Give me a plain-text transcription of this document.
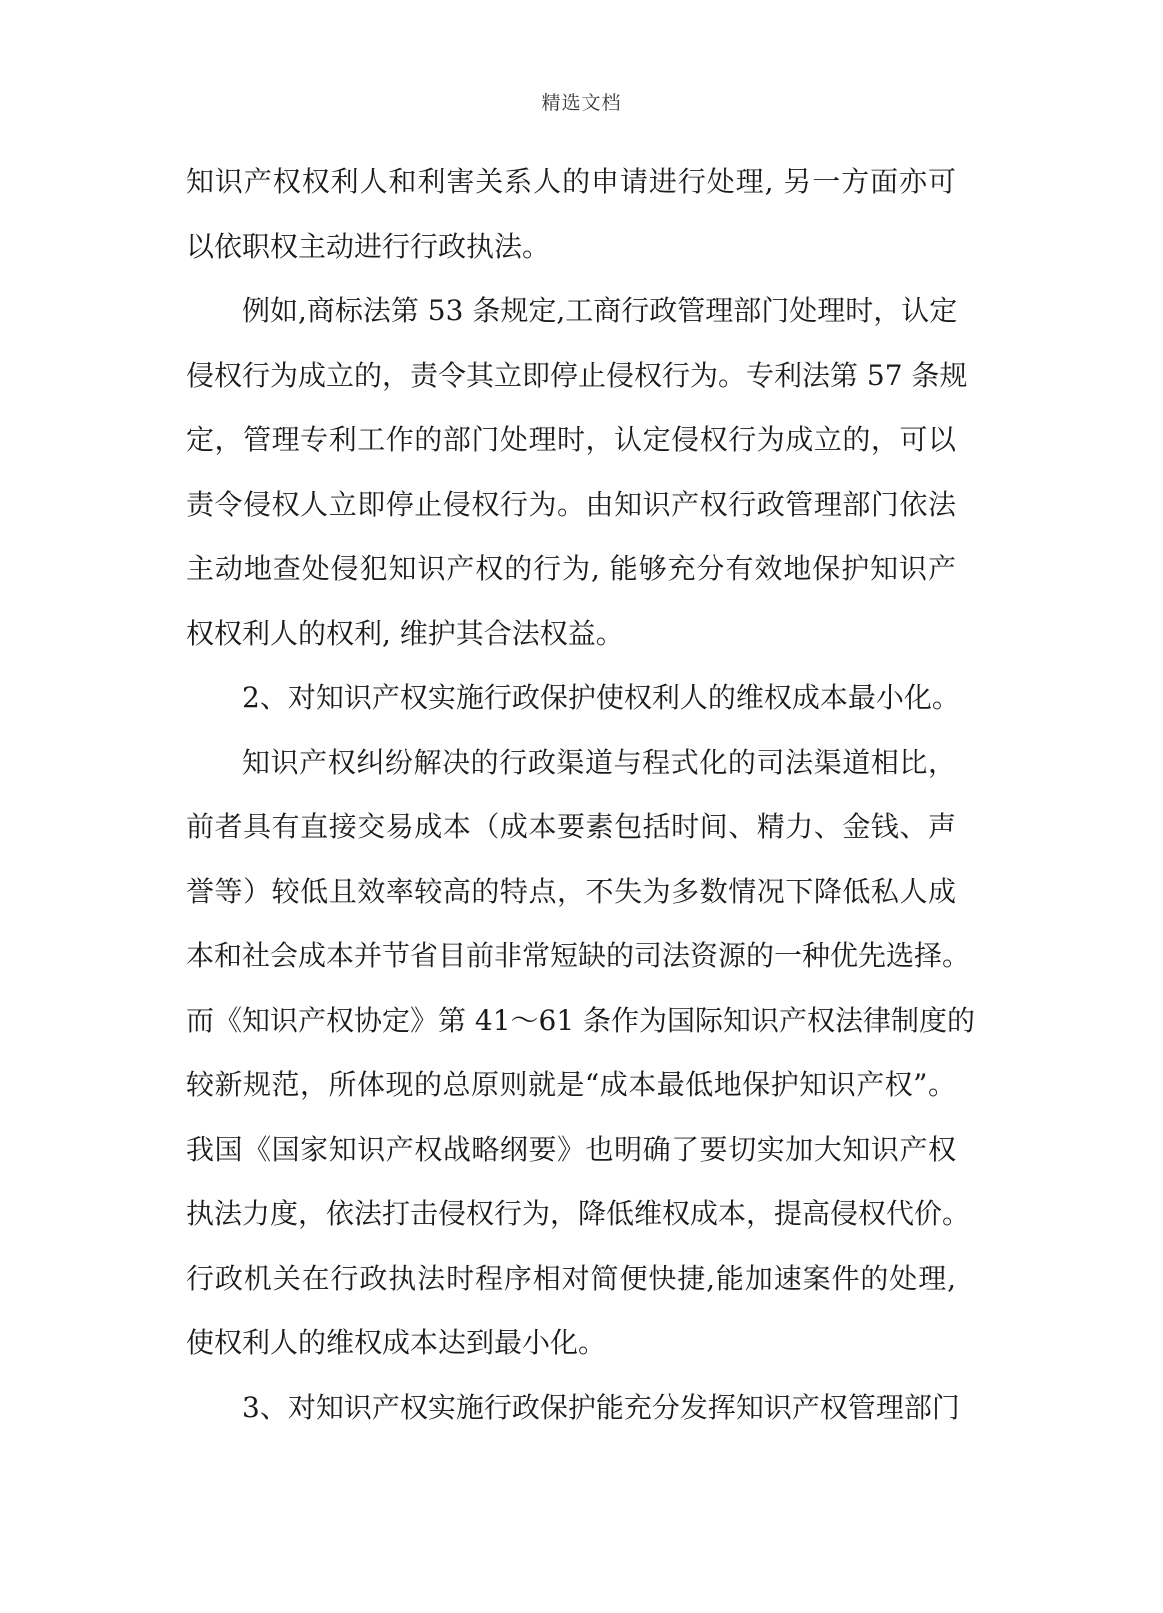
精选文档
知识产权权利人和利害关系人的申请进行处理, 另一方面亦可
以依职权主动进行行政执法。
例如,商标法第 53 条规定,工商行政管理部门处理时，认定
侵权行为成立的，责令其立即停止侵权行为。专利法第 57 条规
定，管理专利工作的部门处理时，认定侵权行为成立的，可以
责令侵权人立即停止侵权行为。由知识产权行政管理部门依法
主动地查处侵犯知识产权的行为, 能够充分有效地保护知识产
权权利人的权利, 维护其合法权益。
2、对知识产权实施行政保护使权利人的维权成本最小化。
知识产权纠纷解决的行政渠道与程式化的司法渠道相比，
前者具有直接交易成本（成本要素包括时间、精力、金钱、声
誉等）较低且效率较高的特点，不失为多数情况下降低私人成
本和社会成本并节省目前非常短缺的司法资源的一种优先选择。
而《知识产权协定》第 41～61 条作为国际知识产权法律制度的
较新规范，所体现的总原则就是“成本最低地保护知识产权”。
我国《国家知识产权战略纲要》也明确了要切实加大知识产权
执法力度，依法打击侵权行为，降低维权成本，提高侵权代价。
行政机关在行政执法时程序相对简便快捷,能加速案件的处理,
使权利人的维权成本达到最小化。
3、对知识产权实施行政保护能充分发挥知识产权管理部门
